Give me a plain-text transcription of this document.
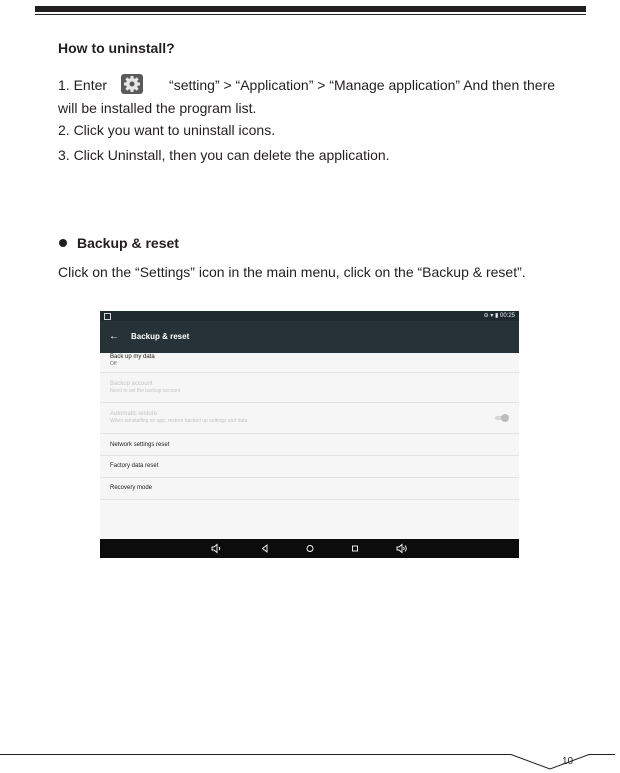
How to uninstall?
1. Enter	“setting” > “Application” > “Manage application” And then there will be installed the program list.
2. Click you want to uninstall icons.
3. Click Uninstall, then you can delete the application.
Backup & reset
Click on the “Settings” icon in the main menu, click on the “Backup & reset”.
⊖ ▾ ▮ 00:25
← Backup & reset
Back up my data
Off
Backup account
Need to set the backup account
Automatic restore
When reinstalling an app, restore backed up settings and data
Network settings reset
Factory data reset
Recovery mode
10
